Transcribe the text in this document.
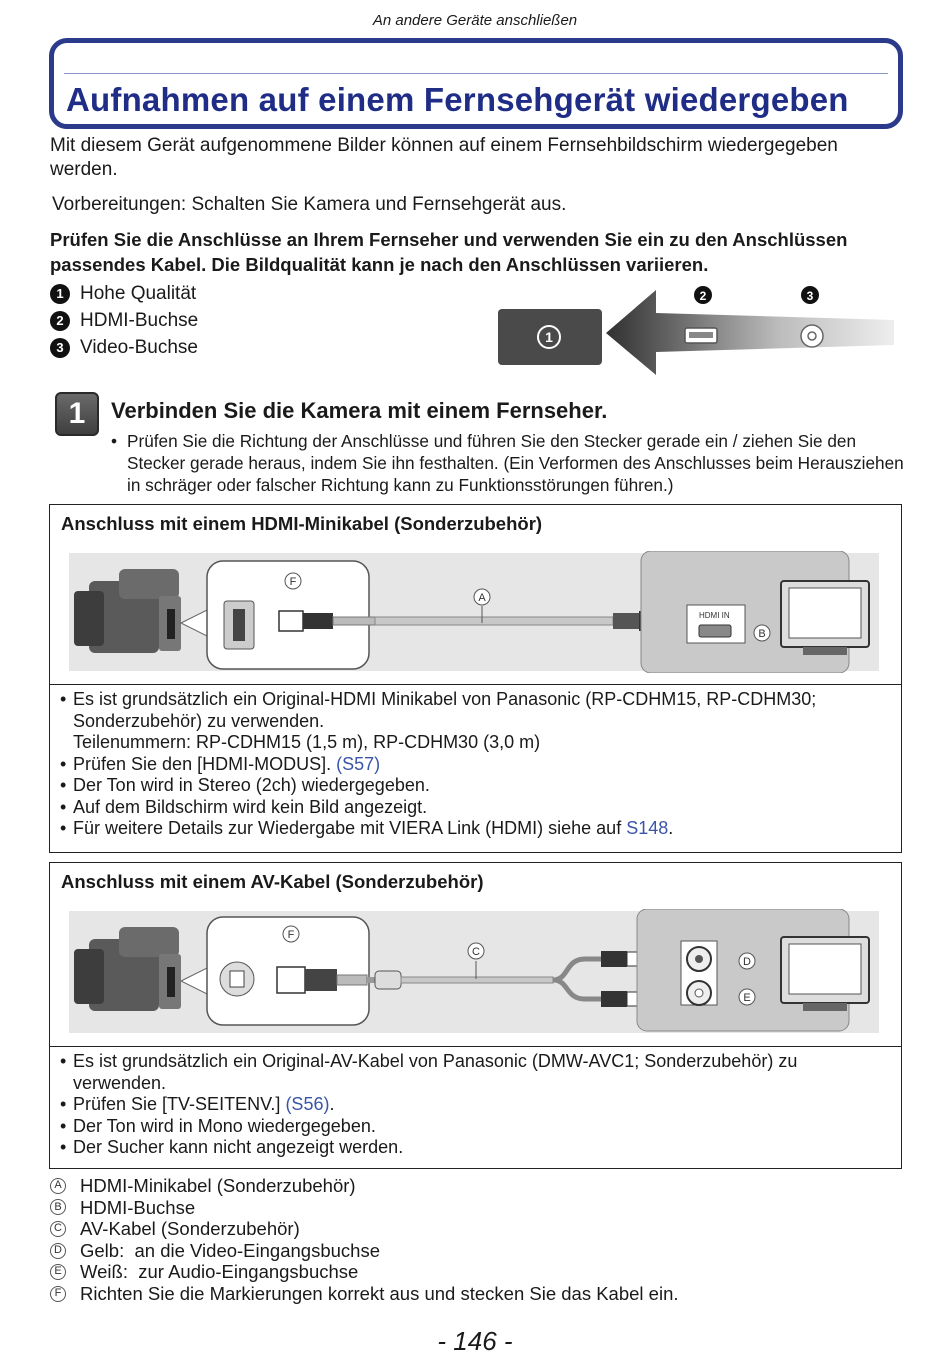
An andere Geräte anschließen
Aufnahmen auf einem Fernsehgerät wiedergeben
Mit diesem Gerät aufgenommene Bilder können auf einem Fernsehbildschirm wiedergegeben werden.
Vorbereitungen: Schalten Sie Kamera und Fernsehgerät aus.
Prüfen Sie die Anschlüsse an Ihrem Fernseher und verwenden Sie ein zu den Anschlüssen passendes Kabel. Die Bildqualität kann je nach den Anschlüssen variieren.
1 Hohe Qualität
2 HDMI-Buchse
3 Video-Buchse	1
2	3
1	Verbinden Sie die Kamera mit einem Fernseher.
• Prüfen Sie die Richtung der Anschlüsse und führen Sie den Stecker gerade ein / ziehen Sie den Stecker gerade heraus, indem Sie ihn festhalten. (Ein Verformen des Anschlusses beim Herausziehen in schräger oder falscher Richtung kann zu Funktionsstörungen führen.)
Anschluss mit einem HDMI-Minikabel (Sonderzubehör)
A
F
HDMI IN
B
• Es ist grundsätzlich ein Original-HDMI Minikabel von Panasonic (RP-CDHM15, RP-CDHM30; Sonderzubehör) zu verwenden.
Teilenummern: RP-CDHM15 (1,5 m), RP-CDHM30 (3,0 m)
• Prüfen Sie den [HDMI-MODUS]. (S57)
• Der Ton wird in Stereo (2ch) wiedergegeben.
• Auf dem Bildschirm wird kein Bild angezeigt.
• Für weitere Details zur Wiedergabe mit VIERA Link (HDMI) siehe auf S148.
Anschluss mit einem AV-Kabel (Sonderzubehör)
F
C
D
E
• Es ist grundsätzlich ein Original-AV-Kabel von Panasonic (DMW-AVC1; Sonderzubehör) zu verwenden.
• Prüfen Sie [TV-SEITENV.] (S56).
• Der Ton wird in Mono wiedergegeben.
• Der Sucher kann nicht angezeigt werden.
A HDMI-Minikabel (Sonderzubehör)
B HDMI-Buchse
C AV-Kabel (Sonderzubehör)
D Gelb:  an die Video-Eingangsbuchse
E Weiß:  zur Audio-Eingangsbuchse
F Richten Sie die Markierungen korrekt aus und stecken Sie das Kabel ein.
- 146 -
